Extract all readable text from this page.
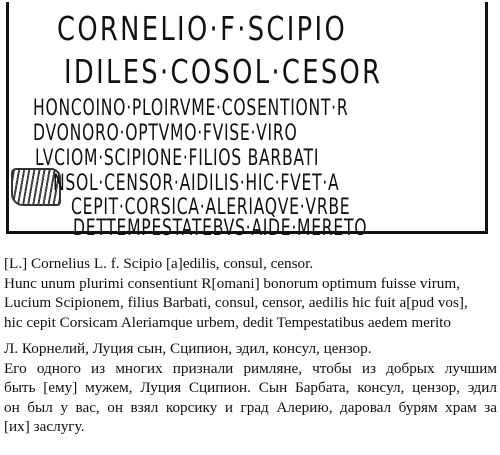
CORNELIO·F·SCIPIO
IDILES·COSOL·CESOR
HONCOINO·PLOIRVME·COSENTIONT·R
DVONORO·OPTVMO·FVISE·VIRO
LVCIOM·SCIPIONE·FILIOS BARBATI
NSOL·CENSOR·AIDILIS·HIC·FVET·A
CEPIT·CORSICA·ALERIAQVE·VRBE
DETTEMPESTATEBVS·AIDE·MERETO
[L.] Cornelius L. f. Scipio [a]edilis, consul, censor.
Hunc unum plurimi consentiunt R[omani] bonorum optimum fuisse virum,
Lucium Scipionem, filius Barbati, consul, censor, aedilis hic fuit a[pud vos],
hic cepit Corsicam Aleriamque urbem, dedit Tempestatibus aedem merito
Л. Корнелий, Луция сын, Сципион, эдил, консул, цензор.
Его одного из многих признали римляне, чтобы из добрых лучшим
быть [ему] мужем, Луция Сципион. Сын Барбата, консул, цензор, эдил
он был у вас, он взял корсику и град Алерию, даровал бурям храм за
[их] заслугу.
